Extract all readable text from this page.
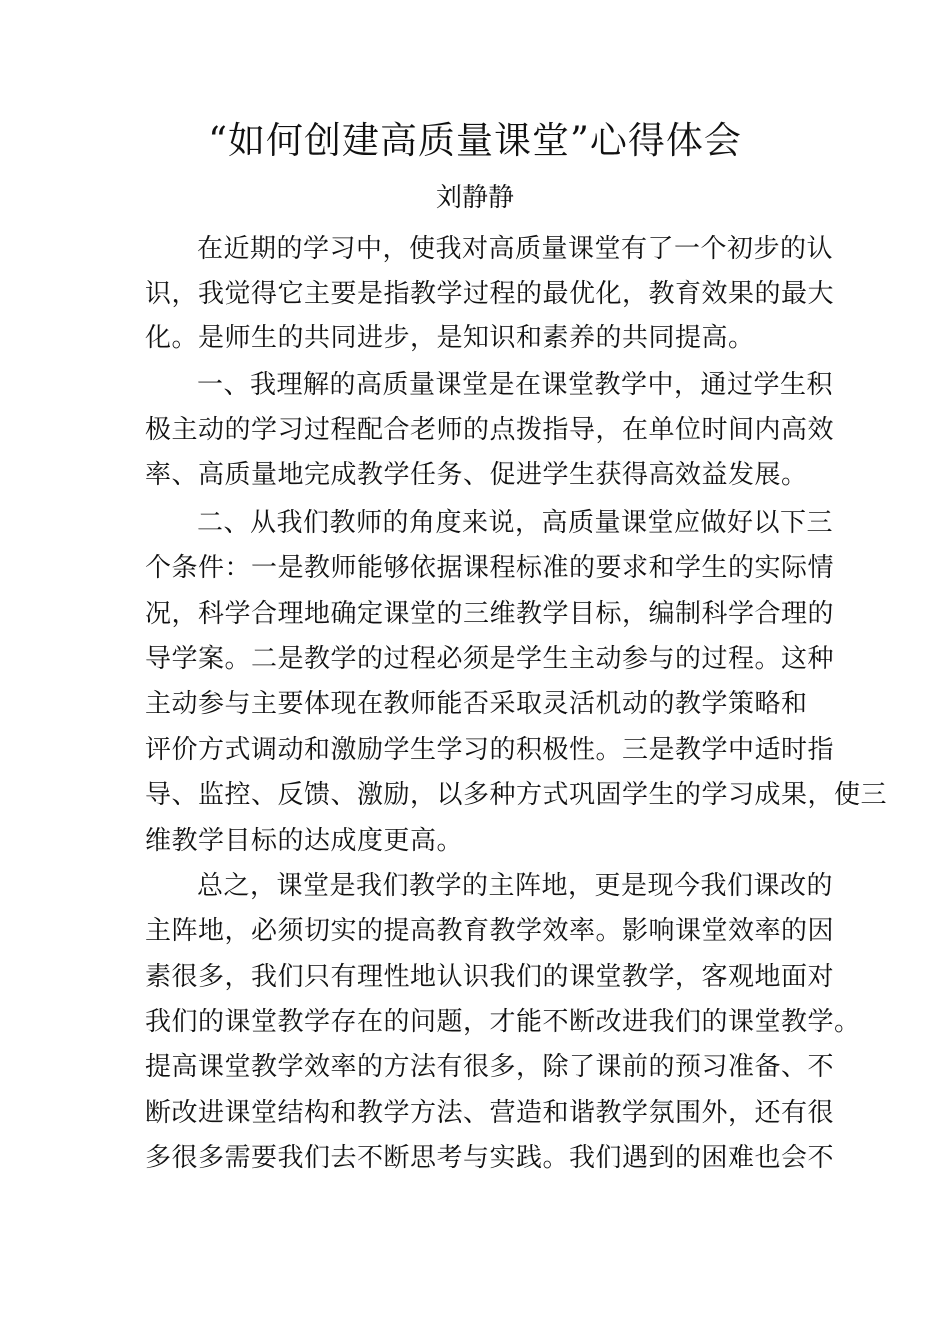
“如何创建高质量课堂”心得体会
刘静静

在近期的学习中，使我对高质量课堂有了一个初步的认

识，我觉得它主要是指教学过程的最优化，教育效果的最大

化。是师生的共同进步，是知识和素养的共同提高。

一、我理解的高质量课堂是在课堂教学中，通过学生积

极主动的学习过程配合老师的点拨指导，在单位时间内高效

率、高质量地完成教学任务、促进学生获得高效益发展。

二、从我们教师的角度来说，高质量课堂应做好以下三

个条件：一是教师能够依据课程标准的要求和学生的实际情

况，科学合理地确定课堂的三维教学目标，编制科学合理的

导学案。二是教学的过程必须是学生主动参与的过程。这种

主动参与主要体现在教师能否采取灵活机动的教学策略和

评价方式调动和激励学生学习的积极性。三是教学中适时指

导、监控、反馈、激励，以多种方式巩固学生的学习成果，使三

维教学目标的达成度更高。

总之，课堂是我们教学的主阵地，更是现今我们课改的

主阵地，必须切实的提高教育教学效率。影响课堂效率的因

素很多，我们只有理性地认识我们的课堂教学，客观地面对

我们的课堂教学存在的问题，才能不断改进我们的课堂教学。

提高课堂教学效率的方法有很多，除了课前的预习准备、不

断改进课堂结构和教学方法、营造和谐教学氛围外，还有很

多很多需要我们去不断思考与实践。我们遇到的困难也会不
